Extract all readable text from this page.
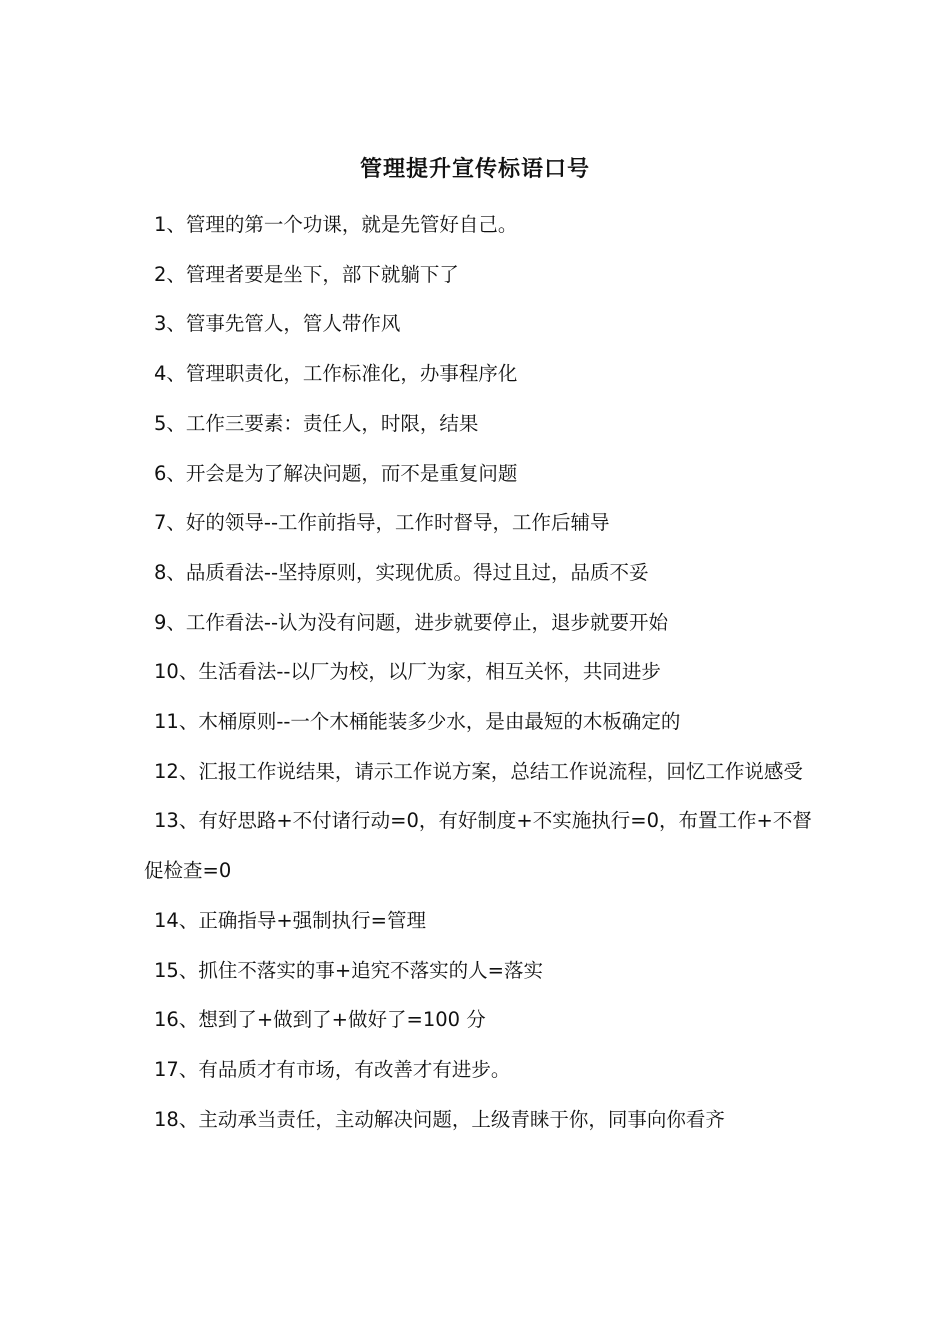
管理提升宣传标语口号
1、管理的第一个功课，就是先管好自己。
2、管理者要是坐下，部下就躺下了
3、管事先管人，管人带作风
4、管理职责化，工作标准化，办事程序化
5、工作三要素：责任人，时限，结果
6、开会是为了解决问题，而不是重复问题
7、好的领导--工作前指导，工作时督导，工作后辅导
8、品质看法--坚持原则，实现优质。得过且过，品质不妥
9、工作看法--认为没有问题，进步就要停止，退步就要开始
10、生活看法--以厂为校，以厂为家，相互关怀，共同进步
11、木桶原则--一个木桶能装多少水，是由最短的木板确定的
12、汇报工作说结果，请示工作说方案，总结工作说流程，回忆工作说感受
13、有好思路+不付诸行动=0，有好制度+不实施执行=0，布置工作+不督促检查=0
14、正确指导+强制执行=管理
15、抓住不落实的事+追究不落实的人=落实
16、想到了+做到了+做好了=100 分
17、有品质才有市场，有改善才有进步。
18、主动承当责任，主动解决问题，上级青睐于你，同事向你看齐
